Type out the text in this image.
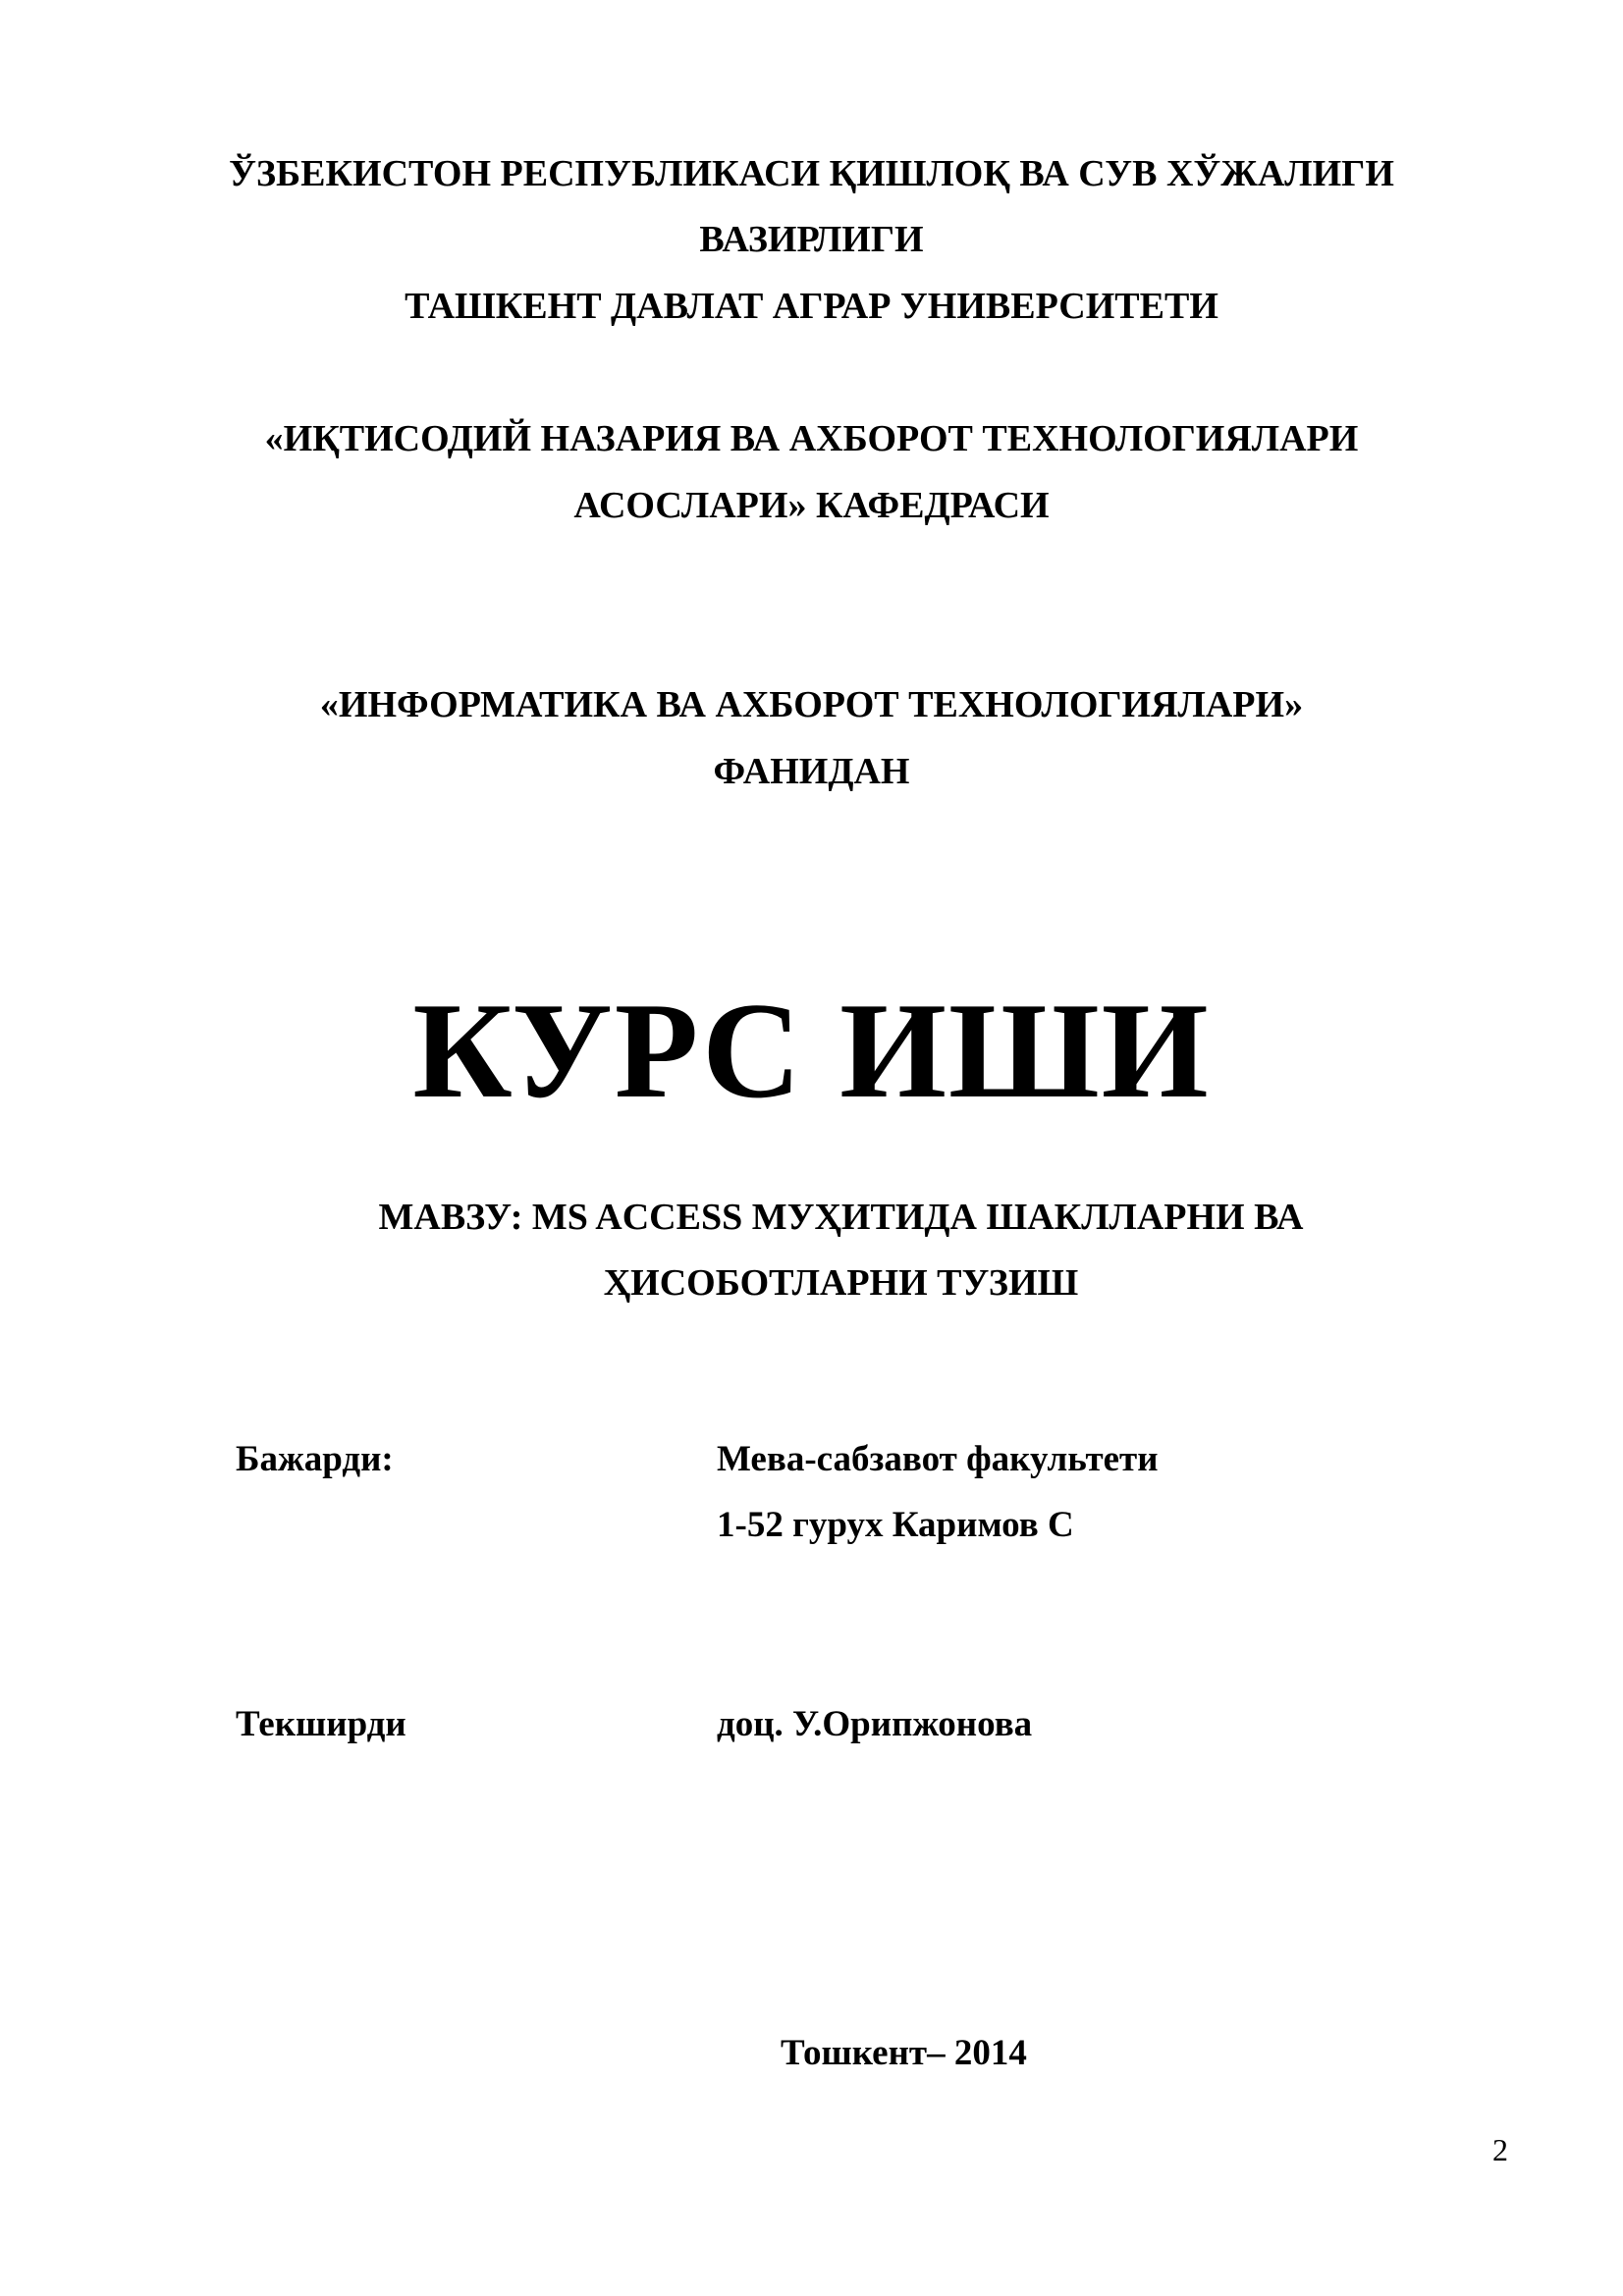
ЎЗБЕКИСТОН РЕСПУБЛИКАСИ ҚИШЛОҚ ВА СУВ ХЎЖАЛИГИ
ВАЗИРЛИГИ
ТАШКЕНТ ДАВЛАТ АГРАР УНИВЕРСИТЕТИ
«ИҚТИСОДИЙ НАЗАРИЯ ВА АХБОРОТ ТЕХНОЛОГИЯЛАРИ
АСОСЛАРИ» КАФЕДРАСИ
«ИНФОРМАТИКА ВА АХБОРОТ ТЕХНОЛОГИЯЛАРИ»
ФАНИДАН
КУРС ИШИ
МАВЗУ: MS ACCESS МУҲИТИДА ШАКЛЛАРНИ ВА
ҲИСОБОТЛАРНИ ТУЗИШ
Бажарди:	Мева-сабзавот факультети
1-52 гурух Каримов С
Текширди	доц. У.Орипжонова
Тошкент– 2014
2
